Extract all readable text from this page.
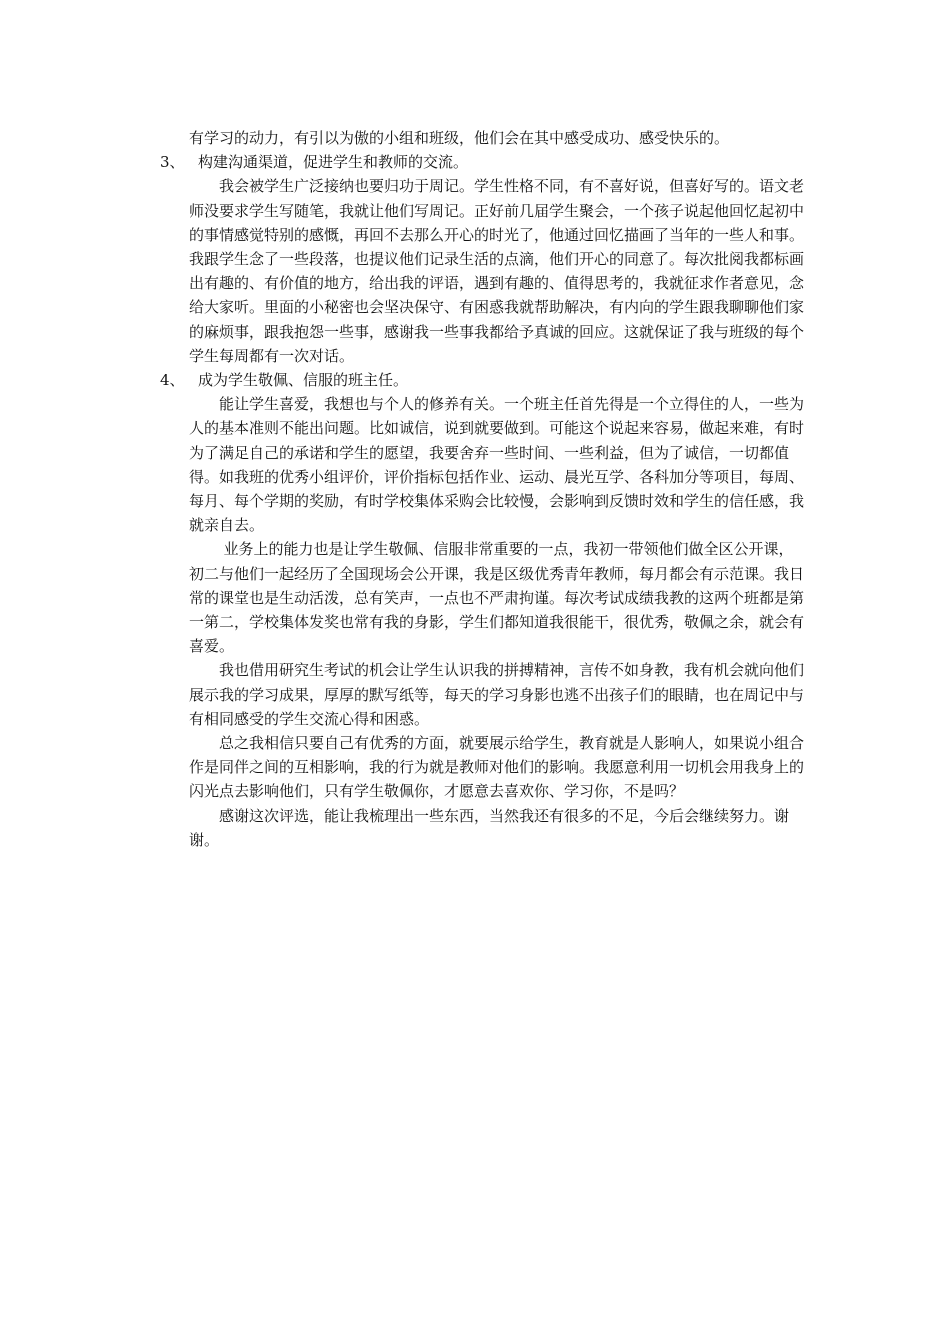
有学习的动力，有引以为傲的小组和班级，他们会在其中感受成功、感受快乐的。

3、 构建沟通渠道，促进学生和教师的交流。

我会被学生广泛接纳也要归功于周记。学生性格不同，有不喜好说，但喜好写的。语文老师没要求学生写随笔，我就让他们写周记。正好前几届学生聚会，一个孩子说起他回忆起初中的事情感觉特别的感慨，再回不去那么开心的时光了，他通过回忆描画了当年的一些人和事。我跟学生念了一些段落，也提议他们记录生活的点滴，他们开心的同意了。每次批阅我都标画出有趣的、有价值的地方，给出我的评语，遇到有趣的、值得思考的，我就征求作者意见，念给大家听。里面的小秘密也会坚决保守、有困惑我就帮助解决，有内向的学生跟我聊聊他们家的麻烦事，跟我抱怨一些事，感谢我一些事我都给予真诚的回应。这就保证了我与班级的每个学生每周都有一次对话。

4、 成为学生敬佩、信服的班主任。

能让学生喜爱，我想也与个人的修养有关。一个班主任首先得是一个立得住的人，一些为人的基本准则不能出问题。比如诚信，说到就要做到。可能这个说起来容易，做起来难，有时为了满足自己的承诺和学生的愿望，我要舍弃一些时间、一些利益，但为了诚信，一切都值得。如我班的优秀小组评价，评价指标包括作业、运动、晨光互学、各科加分等项目，每周、每月、每个学期的奖励，有时学校集体采购会比较慢，会影响到反馈时效和学生的信任感，我就亲自去。

业务上的能力也是让学生敬佩、信服非常重要的一点，我初一带领他们做全区公开课，初二与他们一起经历了全国现场会公开课，我是区级优秀青年教师，每月都会有示范课。我日常的课堂也是生动活泼，总有笑声，一点也不严肃拘谨。每次考试成绩我教的这两个班都是第一第二，学校集体发奖也常有我的身影，学生们都知道我很能干，很优秀，敬佩之余，就会有喜爱。

我也借用研究生考试的机会让学生认识我的拼搏精神，言传不如身教，我有机会就向他们展示我的学习成果，厚厚的默写纸等，每天的学习身影也逃不出孩子们的眼睛，也在周记中与有相同感受的学生交流心得和困惑。

总之我相信只要自己有优秀的方面，就要展示给学生，教育就是人影响人，如果说小组合作是同伴之间的互相影响，我的行为就是教师对他们的影响。我愿意利用一切机会用我身上的闪光点去影响他们，只有学生敬佩你，才愿意去喜欢你、学习你，不是吗？

感谢这次评选，能让我梳理出一些东西，当然我还有很多的不足，今后会继续努力。谢谢。
